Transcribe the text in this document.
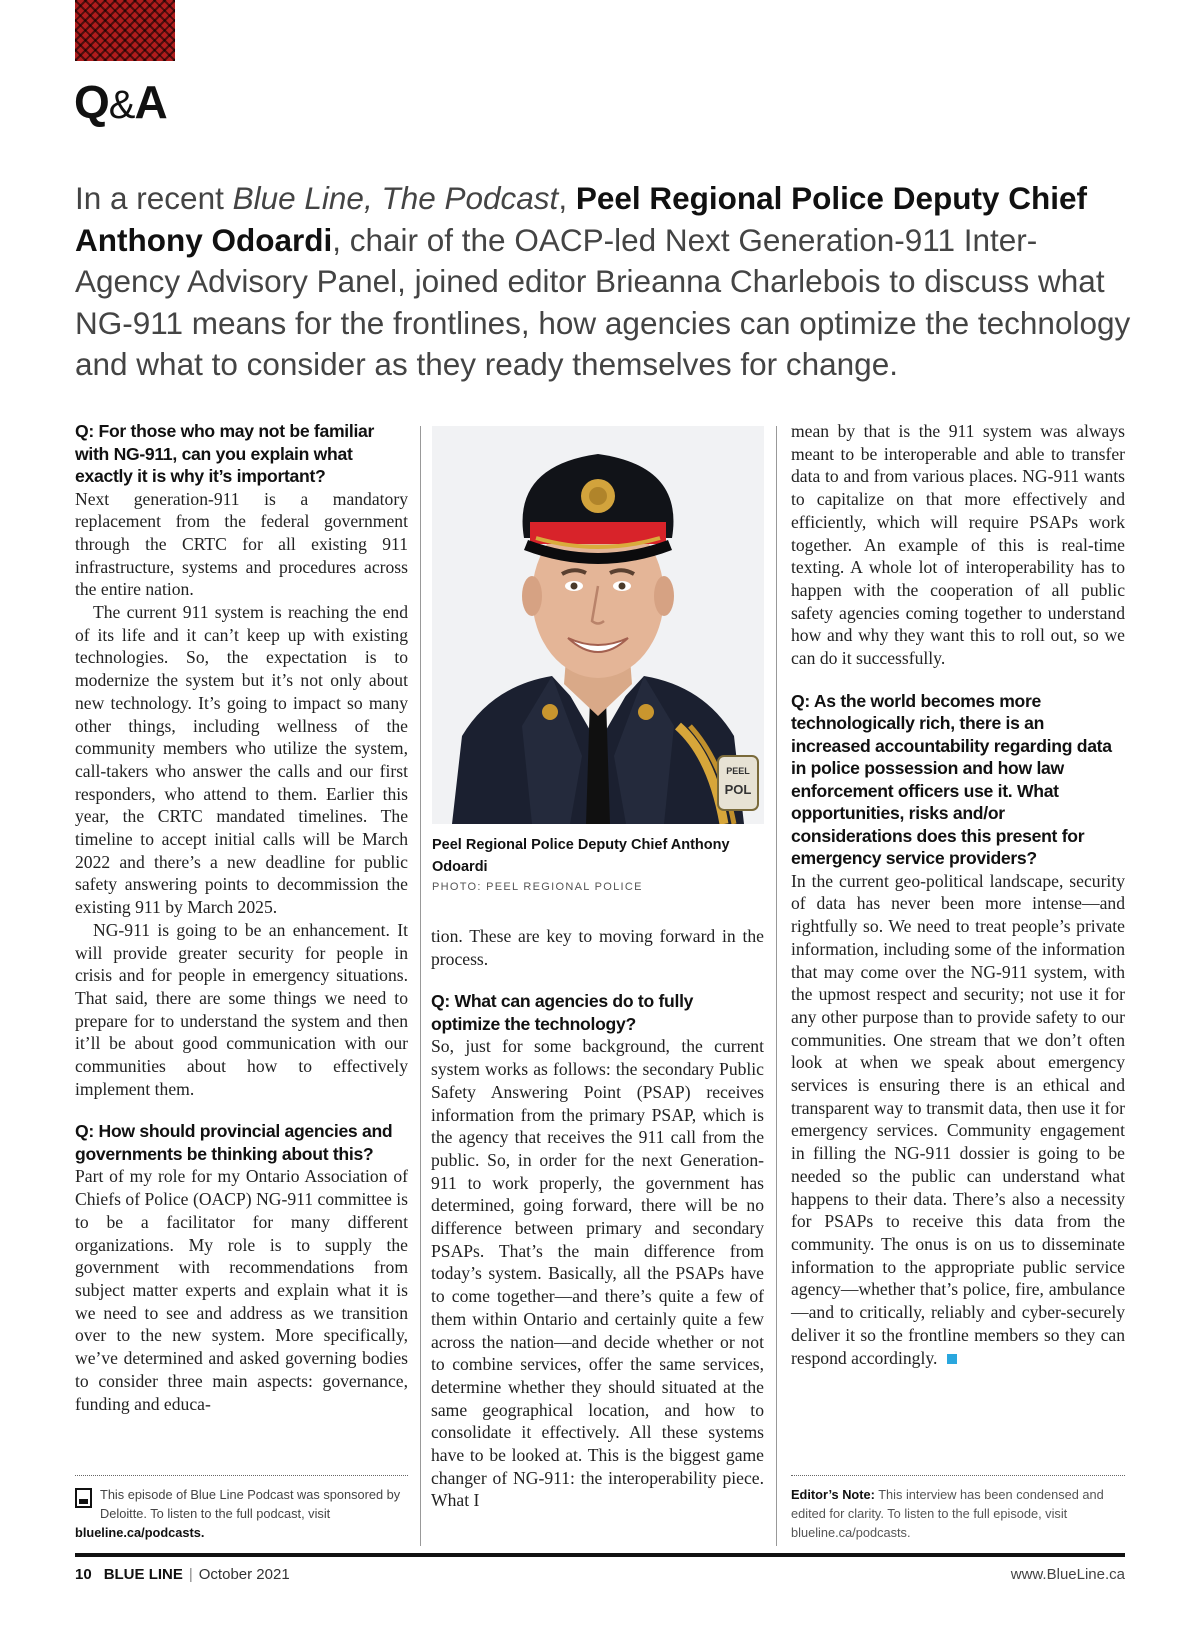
Q&A
In a recent Blue Line, The Podcast, Peel Regional Police Deputy Chief Anthony Odoardi, chair of the OACP-led Next Generation-911 Inter-Agency Advisory Panel, joined editor Brieanna Charlebois to discuss what NG-911 means for the frontlines, how agencies can optimize the technology and what to consider as they ready themselves for change.

Q: For those who may not be familiar with NG-911, can you explain what exactly it is why it’s important?

Next generation-911 is a mandatory replacement from the federal government through the CRTC for all existing 911 infrastructure, systems and procedures across the entire nation.

The current 911 system is reaching the end of its life and it can’t keep up with existing technologies. So, the expectation is to modernize the system but it’s not only about new technology. It’s going to impact so many other things, including wellness of the community members who utilize the system, call-takers who answer the calls and our first responders, who attend to them. Earlier this year, the CRTC mandated timelines. The timeline to accept initial calls will be March 2022 and there’s a new deadline for public safety answering points to decommission the existing 911 by March 2025.

NG-911 is going to be an enhancement. It will provide greater security for people in crisis and for people in emergency situations. That said, there are some things we need to prepare for to understand the system and then it’ll be about good communication with our communities about how to effectively implement them.

Q: How should provincial agencies and governments be thinking about this?

Part of my role for my Ontario Association of Chiefs of Police (OACP) NG-911 committee is to be a facilitator for many different organizations. My role is to supply the government with recommendations from subject matter experts and explain what it is we need to see and address as we transition over to the new system. More specifically, we’ve determined and asked governing bodies to consider three main aspects: governance, funding and educa-

PEEL
POL
Peel Regional Police Deputy Chief Anthony Odoardi
PHOTO: PEEL REGIONAL POLICE

tion. These are key to moving forward in the process.

Q: What can agencies do to fully optimize the technology?

So, just for some background, the current system works as follows: the secondary Public Safety Answering Point (PSAP) receives information from the primary PSAP, which is the agency that receives the 911 call from the public. So, in order for the next Generation-911 to work properly, the government has determined, going forward, there will be no difference between primary and secondary PSAPs. That’s the main difference from today’s system. Basically, all the PSAPs have to come together—and there’s quite a few of them within Ontario and certainly quite a few across the nation—and decide whether or not to combine services, offer the same services, determine whether they should situated at the same geographical location, and how to consolidate it effectively. All these systems have to be looked at. This is the biggest game changer of NG-911: the interoperability piece. What I

mean by that is the 911 system was always meant to be interoperable and able to transfer data to and from various places. NG-911 wants to capitalize on that more effectively and efficiently, which will require PSAPs work together. An example of this is real-time texting. A whole lot of interoperability has to happen with the cooperation of all public safety agencies coming together to understand how and why they want this to roll out, so we can do it successfully.

Q: As the world becomes more technologically rich, there is an increased accountability regarding data in police possession and how law enforcement officers use it. What opportunities, risks and/or considerations does this present for emergency service providers?

In the current geo-political landscape, security of data has never been more intense—and rightfully so. We need to treat people’s private information, including some of the information that may come over the NG-911 system, with the upmost respect and security; not use it for any other purpose than to provide safety to our communities. One stream that we don’t often look at when we speak about emergency services is ensuring there is an ethical and transparent way to transmit data, then use it for emergency services. Community engagement in filling the NG-911 dossier is going to be needed so the public can understand what happens to their data. There’s also a necessity for PSAPs to receive this data from the community. The onus is on us to disseminate information to the appropriate public service agency—whether that’s police, fire, ambulance—and to critically, reliably and cyber-securely deliver it so the frontline members so they can respond accordingly.

This episode of Blue Line Podcast was sponsored by Deloitte. To listen to the full podcast, visit blueline.ca/podcasts.
Editor’s Note: This interview has been condensed and edited for clarity. To listen to the full episode, visit blueline.ca/podcasts.
10 BLUE LINE | October 2021	www.BlueLine.ca
